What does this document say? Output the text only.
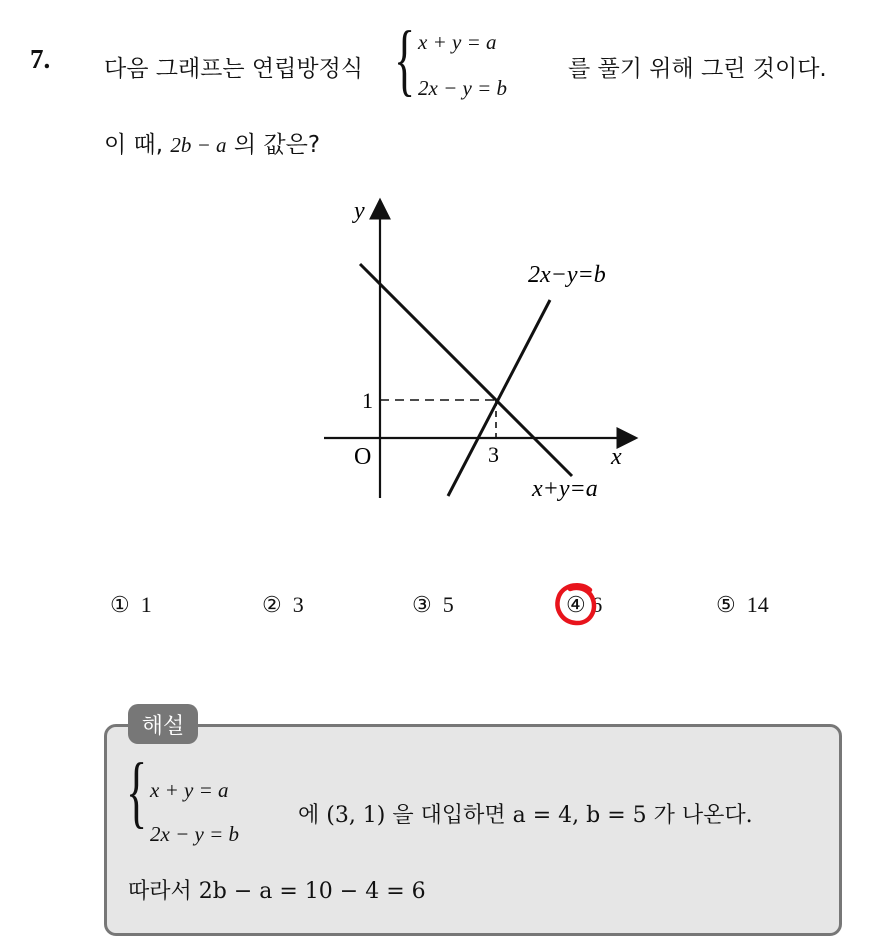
7. 다음 그래프는 연립방정식 { x + y = a
2x − y = b
를 풀기 위해 그린 것이다.
이 때, 2b − a 의 값은?
y
x
O	3
1
2x−y=b
x+y=a
① 1	② 3	③ 5	④ 6	⑤ 14
해설
{ x + y = a
2x − y = b
에 (3, 1) 을 대입하면 a = 4, b = 5 가 나온다.
따라서 2b − a = 10 − 4 = 6
